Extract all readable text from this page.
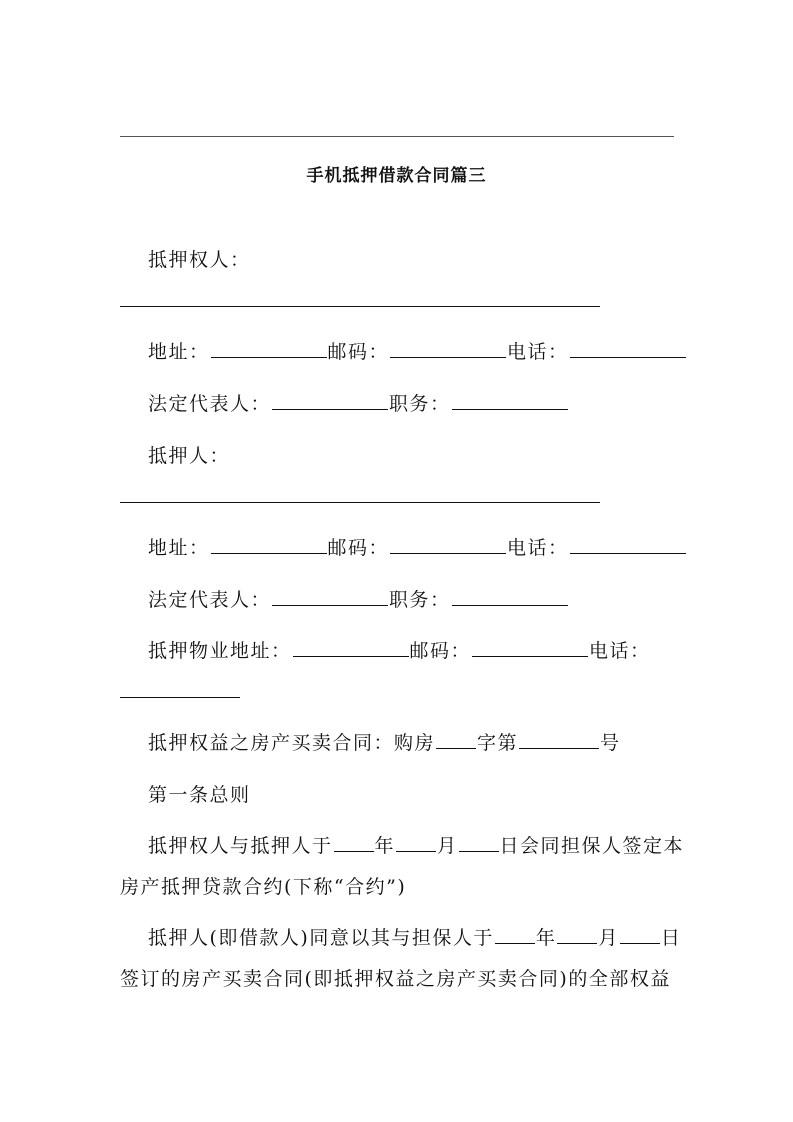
手机抵押借款合同篇三
抵押权人：
地址：	邮码：	电话：
法定代表人：	职务：
抵押人：
地址：	邮码：	电话：
法定代表人：	职务：
抵押物业地址：	邮码：	电话：
抵押权益之房产买卖合同：购房 字第	号
第一条总则
抵押权人与抵押人于 年 月 日会同担保人签定本
房产抵押贷款合约(下称“合约”)
抵押人(即借款人)同意以其与担保人于 年 月 日
签订的房产买卖合同(即抵押权益之房产买卖合同)的全部权益
